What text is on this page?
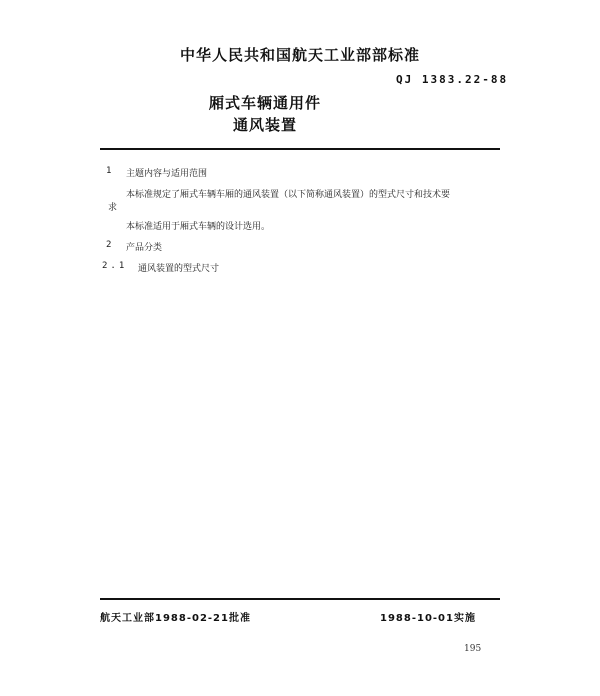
中华人民共和国航天工业部部标准
QJ 1383.22-88
厢式车辆通用件
通风装置
1 主题内容与适用范围
本标准规定了厢式车辆车厢的通风装置（以下简称通风装置）的型式尺寸和技术要
求
本标准适用于厢式车辆的设计选用。
2 产品分类
2.1 通风装置的型式尺寸
航天工业部1988-02-21批准	1988-10-01实施
195
